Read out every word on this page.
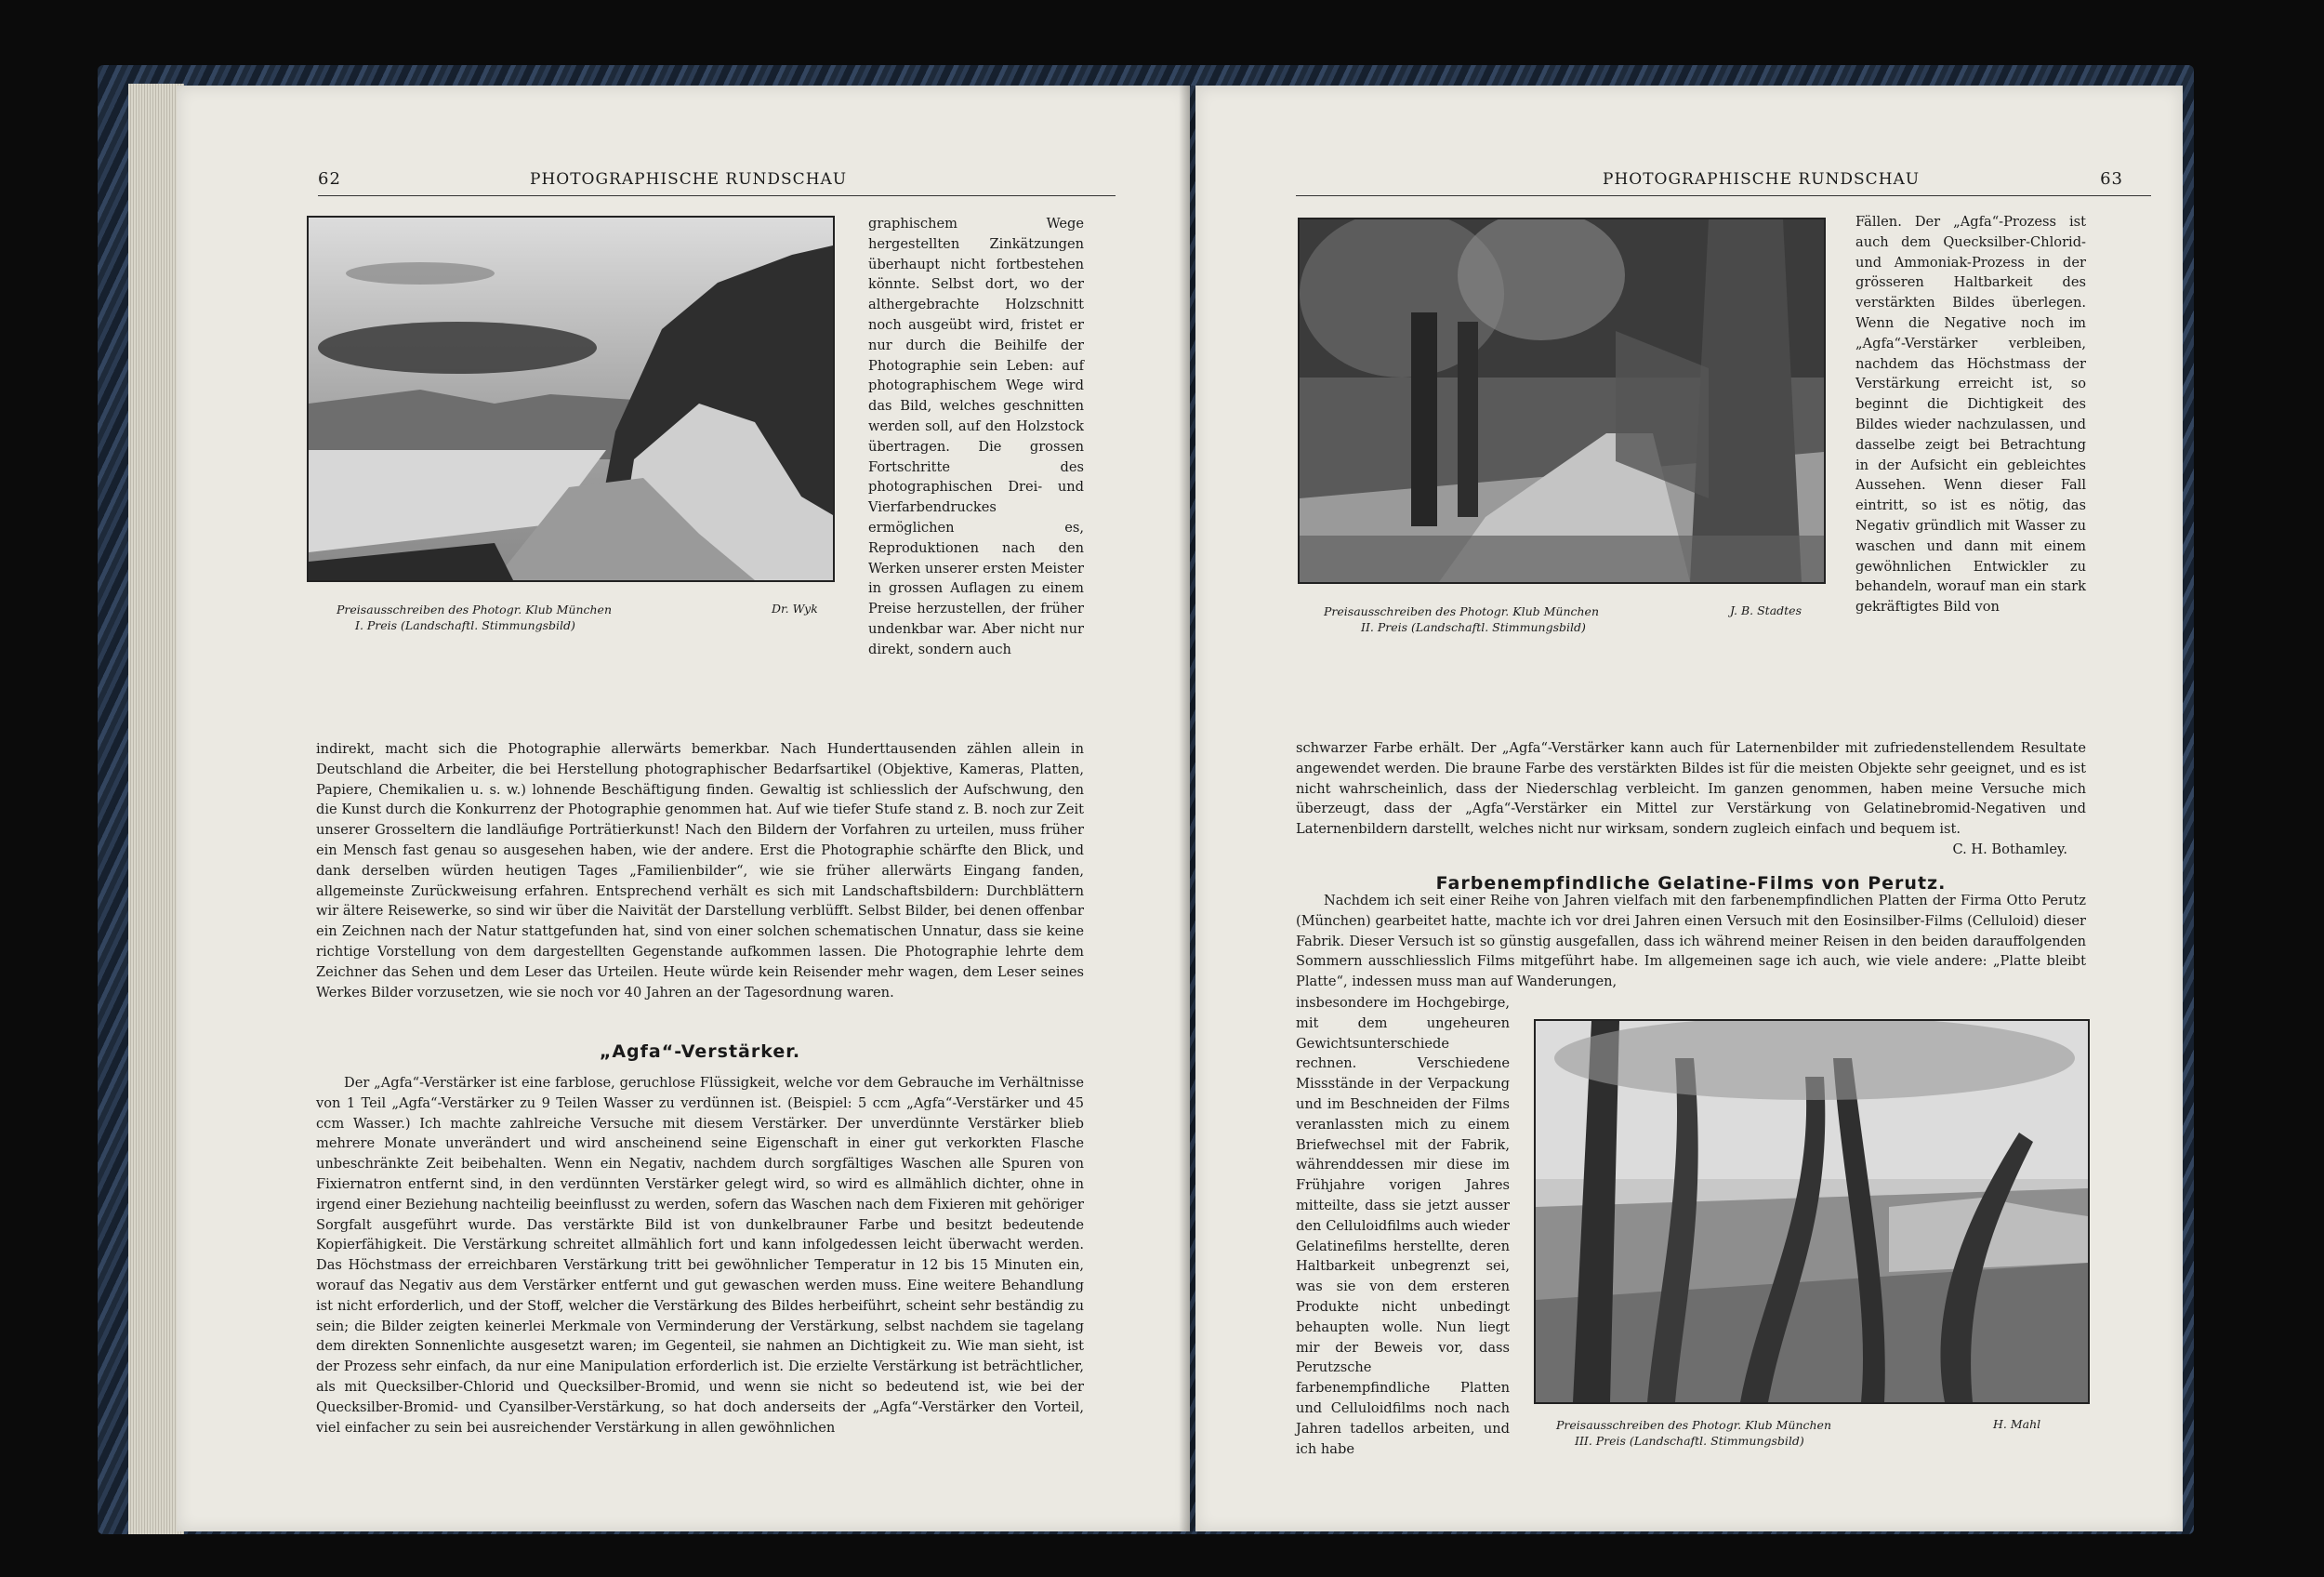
62	PHOTOGRAPHISCHE RUNDSCHAU
Preisausschreiben des Photogr. Klub München
I. Preis (Landschaftl. Stimmungsbild)
Dr. Wyk

graphischem Wege hergestellten Zinkätzungen überhaupt nicht fortbestehen könnte. Selbst dort, wo der althergebrachte Holzschnitt noch ausgeübt wird, fristet er nur durch die Beihilfe der Photographie sein Leben: auf photographischem Wege wird das Bild, welches geschnitten werden soll, auf den Holzstock übertragen. Die grossen Fortschritte des photographischen Drei- und Vierfarbendruckes ermöglichen es, Reproduktionen nach den Werken unserer ersten Meister in grossen Auflagen zu einem Preise herzustellen, der früher undenkbar war. Aber nicht nur direkt, sondern auch

indirekt, macht sich die Photographie allerwärts bemerkbar. Nach Hunderttausenden zählen allein in Deutschland die Arbeiter, die bei Herstellung photographischer Bedarfsartikel (Objektive, Kameras, Platten, Papiere, Chemikalien u. s. w.) lohnende Beschäftigung finden. Gewaltig ist schliesslich der Aufschwung, den die Kunst durch die Konkurrenz der Photographie genommen hat. Auf wie tiefer Stufe stand z. B. noch zur Zeit unserer Grosseltern die landläufige Porträtierkunst! Nach den Bildern der Vorfahren zu urteilen, muss früher ein Mensch fast genau so ausgesehen haben, wie der andere. Erst die Photographie schärfte den Blick, und dank derselben würden heutigen Tages „Familienbilder“, wie sie früher allerwärts Eingang fanden, allgemeinste Zurückweisung erfahren. Entsprechend verhält es sich mit Landschaftsbildern: Durchblättern wir ältere Reisewerke, so sind wir über die Naivität der Darstellung verblüfft. Selbst Bilder, bei denen offenbar ein Zeichnen nach der Natur stattgefunden hat, sind von einer solchen schematischen Unnatur, dass sie keine richtige Vorstellung von dem dargestellten Gegenstande aufkommen lassen. Die Photographie lehrte dem Zeichner das Sehen und dem Leser das Urteilen. Heute würde kein Reisender mehr wagen, dem Leser seines Werkes Bilder vorzusetzen, wie sie noch vor 40 Jahren an der Tagesordnung waren.

„Agfa“-Verstärker.

Der „Agfa“-Verstärker ist eine farblose, geruchlose Flüssigkeit, welche vor dem Gebrauche im Verhältnisse von 1 Teil „Agfa“-Verstärker zu 9 Teilen Wasser zu verdünnen ist. (Beispiel: 5 ccm „Agfa“-Verstärker und 45 ccm Wasser.) Ich machte zahlreiche Versuche mit diesem Verstärker. Der unverdünnte Verstärker blieb mehrere Monate unverändert und wird anscheinend seine Eigenschaft in einer gut verkorkten Flasche unbeschränkte Zeit beibehalten. Wenn ein Negativ, nachdem durch sorgfältiges Waschen alle Spuren von Fixiernatron entfernt sind, in den verdünnten Verstärker gelegt wird, so wird es allmählich dichter, ohne in irgend einer Beziehung nachteilig beeinflusst zu werden, sofern das Waschen nach dem Fixieren mit gehöriger Sorgfalt ausgeführt wurde. Das verstärkte Bild ist von dunkelbrauner Farbe und besitzt bedeutende Kopierfähigkeit. Die Verstärkung schreitet allmählich fort und kann infolgedessen leicht überwacht werden. Das Höchstmass der erreichbaren Verstärkung tritt bei gewöhnlicher Temperatur in 12 bis 15 Minuten ein, worauf das Negativ aus dem Verstärker entfernt und gut gewaschen werden muss. Eine weitere Behandlung ist nicht erforderlich, und der Stoff, welcher die Verstärkung des Bildes herbeiführt, scheint sehr beständig zu sein; die Bilder zeigten keinerlei Merkmale von Verminderung der Verstärkung, selbst nachdem sie tagelang dem direkten Sonnenlichte ausgesetzt waren; im Gegenteil, sie nahmen an Dichtigkeit zu. Wie man sieht, ist der Prozess sehr einfach, da nur eine Manipulation erforderlich ist. Die erzielte Verstärkung ist beträchtlicher, als mit Quecksilber-Chlorid und Quecksilber-Bromid, und wenn sie nicht so bedeutend ist, wie bei der Quecksilber-Bromid- und Cyansilber-Verstärkung, so hat doch anderseits der „Agfa“-Verstärker den Vorteil, viel einfacher zu sein bei ausreichender Verstärkung in allen gewöhnlichen

PHOTOGRAPHISCHE RUNDSCHAU	63
Preisausschreiben des Photogr. Klub München
II. Preis (Landschaftl. Stimmungsbild)
J. B. Stadtes

Fällen. Der „Agfa“-Prozess ist auch dem Quecksilber-Chlorid- und Ammoniak-Prozess in der grösseren Haltbarkeit des verstärkten Bildes überlegen. Wenn die Negative noch im „Agfa“-Verstärker verbleiben, nachdem das Höchstmass der Verstärkung erreicht ist, so beginnt die Dichtigkeit des Bildes wieder nachzulassen, und dasselbe zeigt bei Betrachtung in der Aufsicht ein gebleichtes Aussehen. Wenn dieser Fall eintritt, so ist es nötig, das Negativ gründlich mit Wasser zu waschen und dann mit einem gewöhnlichen Entwickler zu behandeln, worauf man ein stark gekräftigtes Bild von

schwarzer Farbe erhält. Der „Agfa“-Verstärker kann auch für Laternenbilder mit zufriedenstellendem Resultate angewendet werden. Die braune Farbe des verstärkten Bildes ist für die meisten Objekte sehr geeignet, und es ist nicht wahrscheinlich, dass der Niederschlag verbleicht. Im ganzen genommen, haben meine Versuche mich überzeugt, dass der „Agfa“-Verstärker ein Mittel zur Verstärkung von Gelatinebromid-Negativen und Laternenbildern darstellt, welches nicht nur wirksam, sondern zugleich einfach und bequem ist.

C. H. Bothamley.

Farbenempfindliche Gelatine-Films von Perutz.

Nachdem ich seit einer Reihe von Jahren vielfach mit den farbenempfindlichen Platten der Firma Otto Perutz (München) gearbeitet hatte, machte ich vor drei Jahren einen Versuch mit den Eosinsilber-Films (Celluloid) dieser Fabrik. Dieser Versuch ist so günstig ausgefallen, dass ich während meiner Reisen in den beiden darauffolgenden Sommern ausschliesslich Films mitgeführt habe. Im allgemeinen sage ich auch, wie viele andere: „Platte bleibt Platte“, indessen muss man auf Wanderungen,

insbesondere im Hochgebirge, mit dem ungeheuren Gewichtsunterschiede rechnen. Verschiedene Missstände in der Verpackung und im Beschneiden der Films veranlassten mich zu einem Briefwechsel mit der Fabrik, währenddessen mir diese im Frühjahre vorigen Jahres mitteilte, dass sie jetzt ausser den Celluloidfilms auch wieder Gelatinefilms herstellte, deren Haltbarkeit unbegrenzt sei, was sie von dem ersteren Produkte nicht unbedingt behaupten wolle. Nun liegt mir der Beweis vor, dass Perutzsche farbenempfindliche Platten und Celluloidfilms noch nach Jahren tadellos arbeiten, und ich habe

Preisausschreiben des Photogr. Klub München
III. Preis (Landschaftl. Stimmungsbild)
H. Mahl
